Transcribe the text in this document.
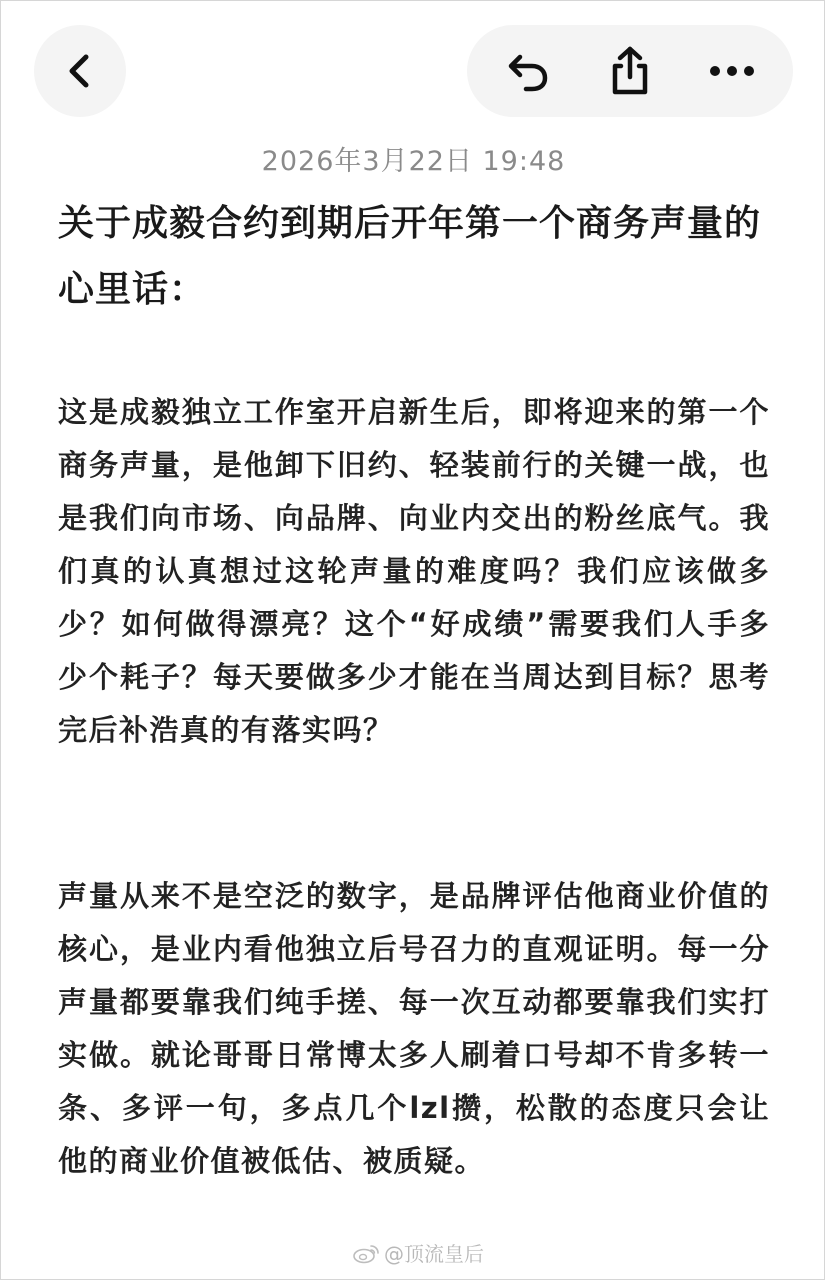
2026年3月22日 19:48
关于成毅合约到期后开年第一个商务声量的心里话：
这是成毅独立工作室开启新生后，即将迎来的第一个商务声量，是他卸下旧约、轻装前行的关键一战，也是我们向市场、向品牌、向业内交出的粉丝底气。我们真的认真想过这轮声量的难度吗？我们应该做多少？如何做得漂亮？这个“好成绩”需要我们人手多少个耗子？每天要做多少才能在当周达到目标？思考完后补浩真的有落实吗？
声量从来不是空泛的数字，是品牌评估他商业价值的核心，是业内看他独立后号召力的直观证明。每一分声量都要靠我们纯手搓、每一次互动都要靠我们实打实做。就论哥哥日常博太多人刷着口号却不肯多转一条、多评一句，多点几个lzl攒，松散的态度只会让他的商业价值被低估、被质疑。
@顶流皇后
